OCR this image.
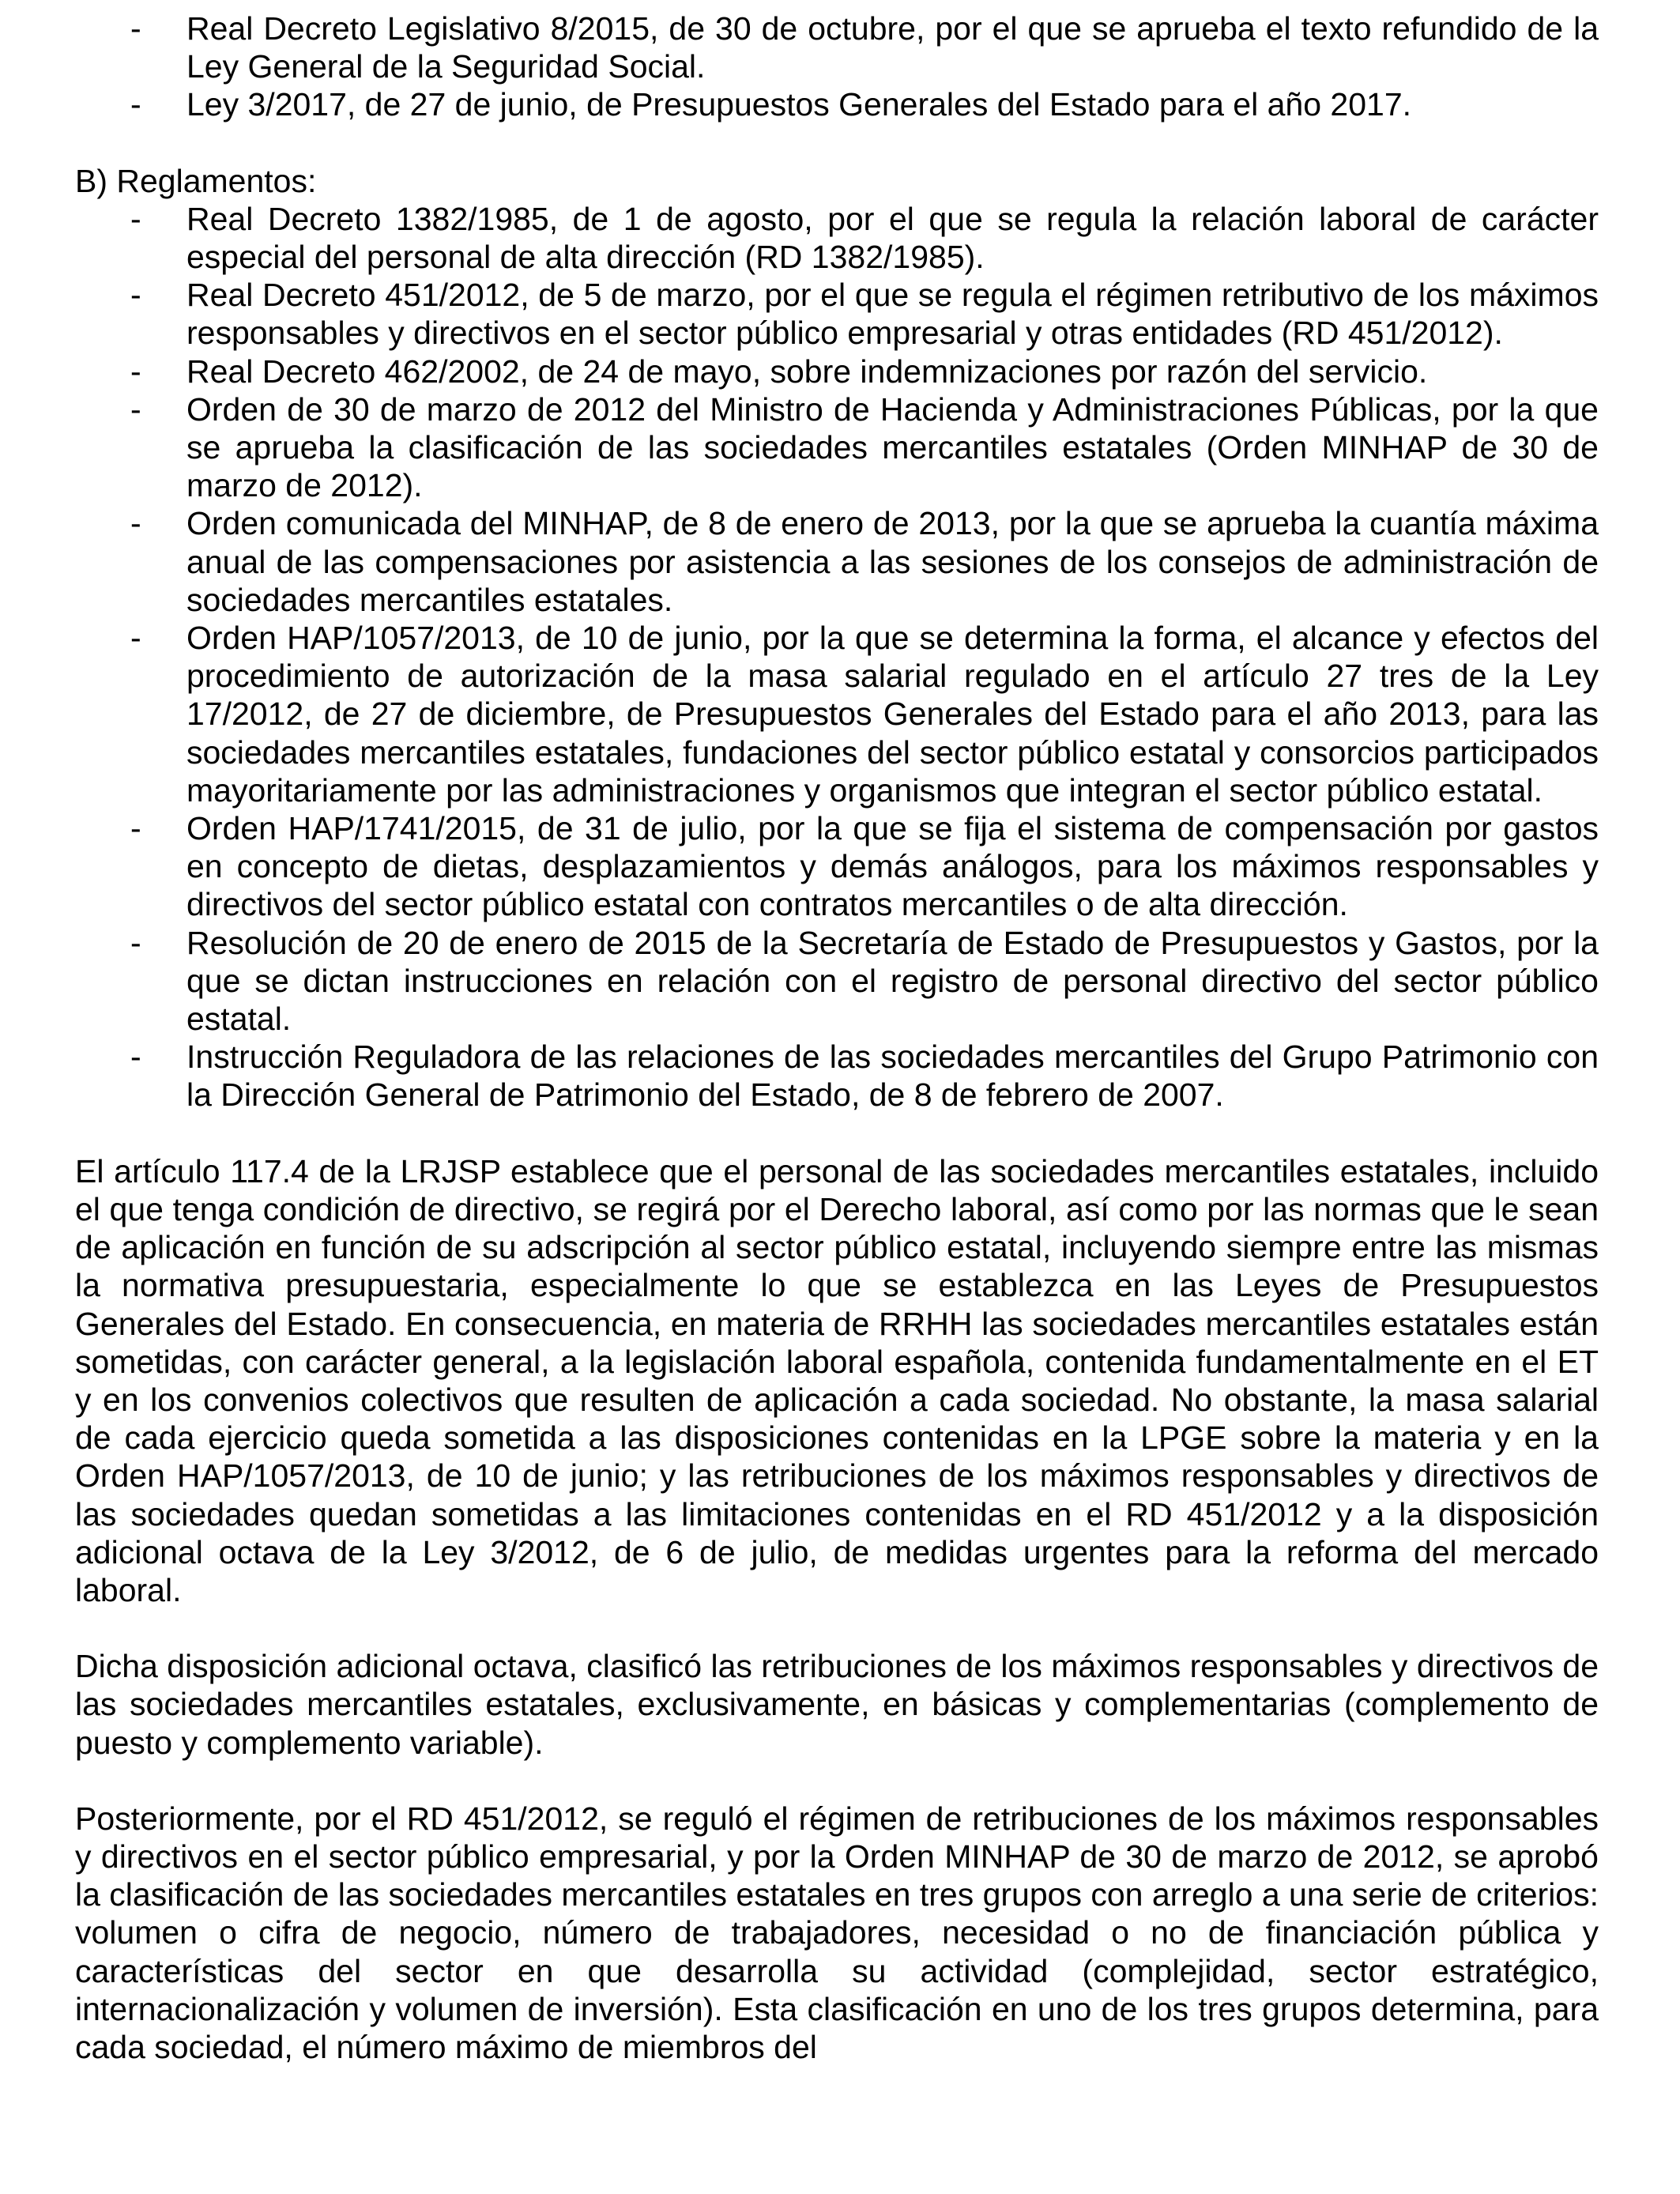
- Real Decreto Legislativo 8/2015, de 30 de octubre, por el que se aprueba el texto refundido de la Ley General de la Seguridad Social.
- Ley 3/2017, de 27 de junio, de Presupuestos Generales del Estado para el año 2017.

B) Reglamentos:

- Real Decreto 1382/1985, de 1 de agosto, por el que se regula la relación laboral de carácter especial del personal de alta dirección (RD 1382/1985).
- Real Decreto 451/2012, de 5 de marzo, por el que se regula el régimen retributivo de los máximos responsables y directivos en el sector público empresarial y otras entidades (RD 451/2012).
- Real Decreto 462/2002, de 24 de mayo, sobre indemnizaciones por razón del servicio.
- Orden de 30 de marzo de 2012 del Ministro de Hacienda y Administraciones Públicas, por la que se aprueba la clasificación de las sociedades mercantiles estatales (Orden MINHAP de 30 de marzo de 2012).
- Orden comunicada del MINHAP, de 8 de enero de 2013, por la que se aprueba la cuantía máxima anual de las compensaciones por asistencia a las sesiones de los consejos de administración de sociedades mercantiles estatales.
- Orden HAP/1057/2013, de 10 de junio, por la que se determina la forma, el alcance y efectos del procedimiento de autorización de la masa salarial regulado en el artículo 27 tres de la Ley 17/2012, de 27 de diciembre, de Presupuestos Generales del Estado para el año 2013, para las sociedades mercantiles estatales, fundaciones del sector público estatal y consorcios participados mayoritariamente por las administraciones y organismos que integran el sector público estatal.
- Orden HAP/1741/2015, de 31 de julio, por la que se fija el sistema de compensación por gastos en concepto de dietas, desplazamientos y demás análogos, para los máximos responsables y directivos del sector público estatal con contratos mercantiles o de alta dirección.
- Resolución de 20 de enero de 2015 de la Secretaría de Estado de Presupuestos y Gastos, por la que se dictan instrucciones en relación con el registro de personal directivo del sector público estatal.
- Instrucción Reguladora de las relaciones de las sociedades mercantiles del Grupo Patrimonio con la Dirección General de Patrimonio del Estado, de 8 de febrero de 2007.

El artículo 117.4 de la LRJSP establece que el personal de las sociedades mercantiles estatales, incluido el que tenga condición de directivo, se regirá por el Derecho laboral, así como por las normas que le sean de aplicación en función de su adscripción al sector público estatal, incluyendo siempre entre las mismas la normativa presupuestaria, especialmente lo que se establezca en las Leyes de Presupuestos Generales del Estado. En consecuencia, en materia de RRHH las sociedades mercantiles estatales están sometidas, con carácter general, a la legislación laboral española, contenida fundamentalmente en el ET y en los convenios colectivos que resulten de aplicación a cada sociedad. No obstante, la masa salarial de cada ejercicio queda sometida a las disposiciones contenidas en la LPGE sobre la materia y en la Orden HAP/1057/2013, de 10 de junio; y las retribuciones de los máximos responsables y directivos de las sociedades quedan sometidas a las limitaciones contenidas en el RD 451/2012 y a la disposición adicional octava de la Ley 3/2012, de 6 de julio, de medidas urgentes para la reforma del mercado laboral.

Dicha disposición adicional octava, clasificó las retribuciones de los máximos responsables y directivos de las sociedades mercantiles estatales, exclusivamente, en básicas y complementarias (complemento de puesto y complemento variable).

Posteriormente, por el RD 451/2012, se reguló el régimen de retribuciones de los máximos responsables y directivos en el sector público empresarial, y por la Orden MINHAP de 30 de marzo de 2012, se aprobó la clasificación de las sociedades mercantiles estatales en tres grupos con arreglo a una serie de criterios: volumen o cifra de negocio, número de trabajadores, necesidad o no de financiación pública y características del sector en que desarrolla su actividad (complejidad, sector estratégico, internacionalización y volumen de inversión). Esta clasificación en uno de los tres grupos determina, para cada sociedad, el número máximo de miembros del
